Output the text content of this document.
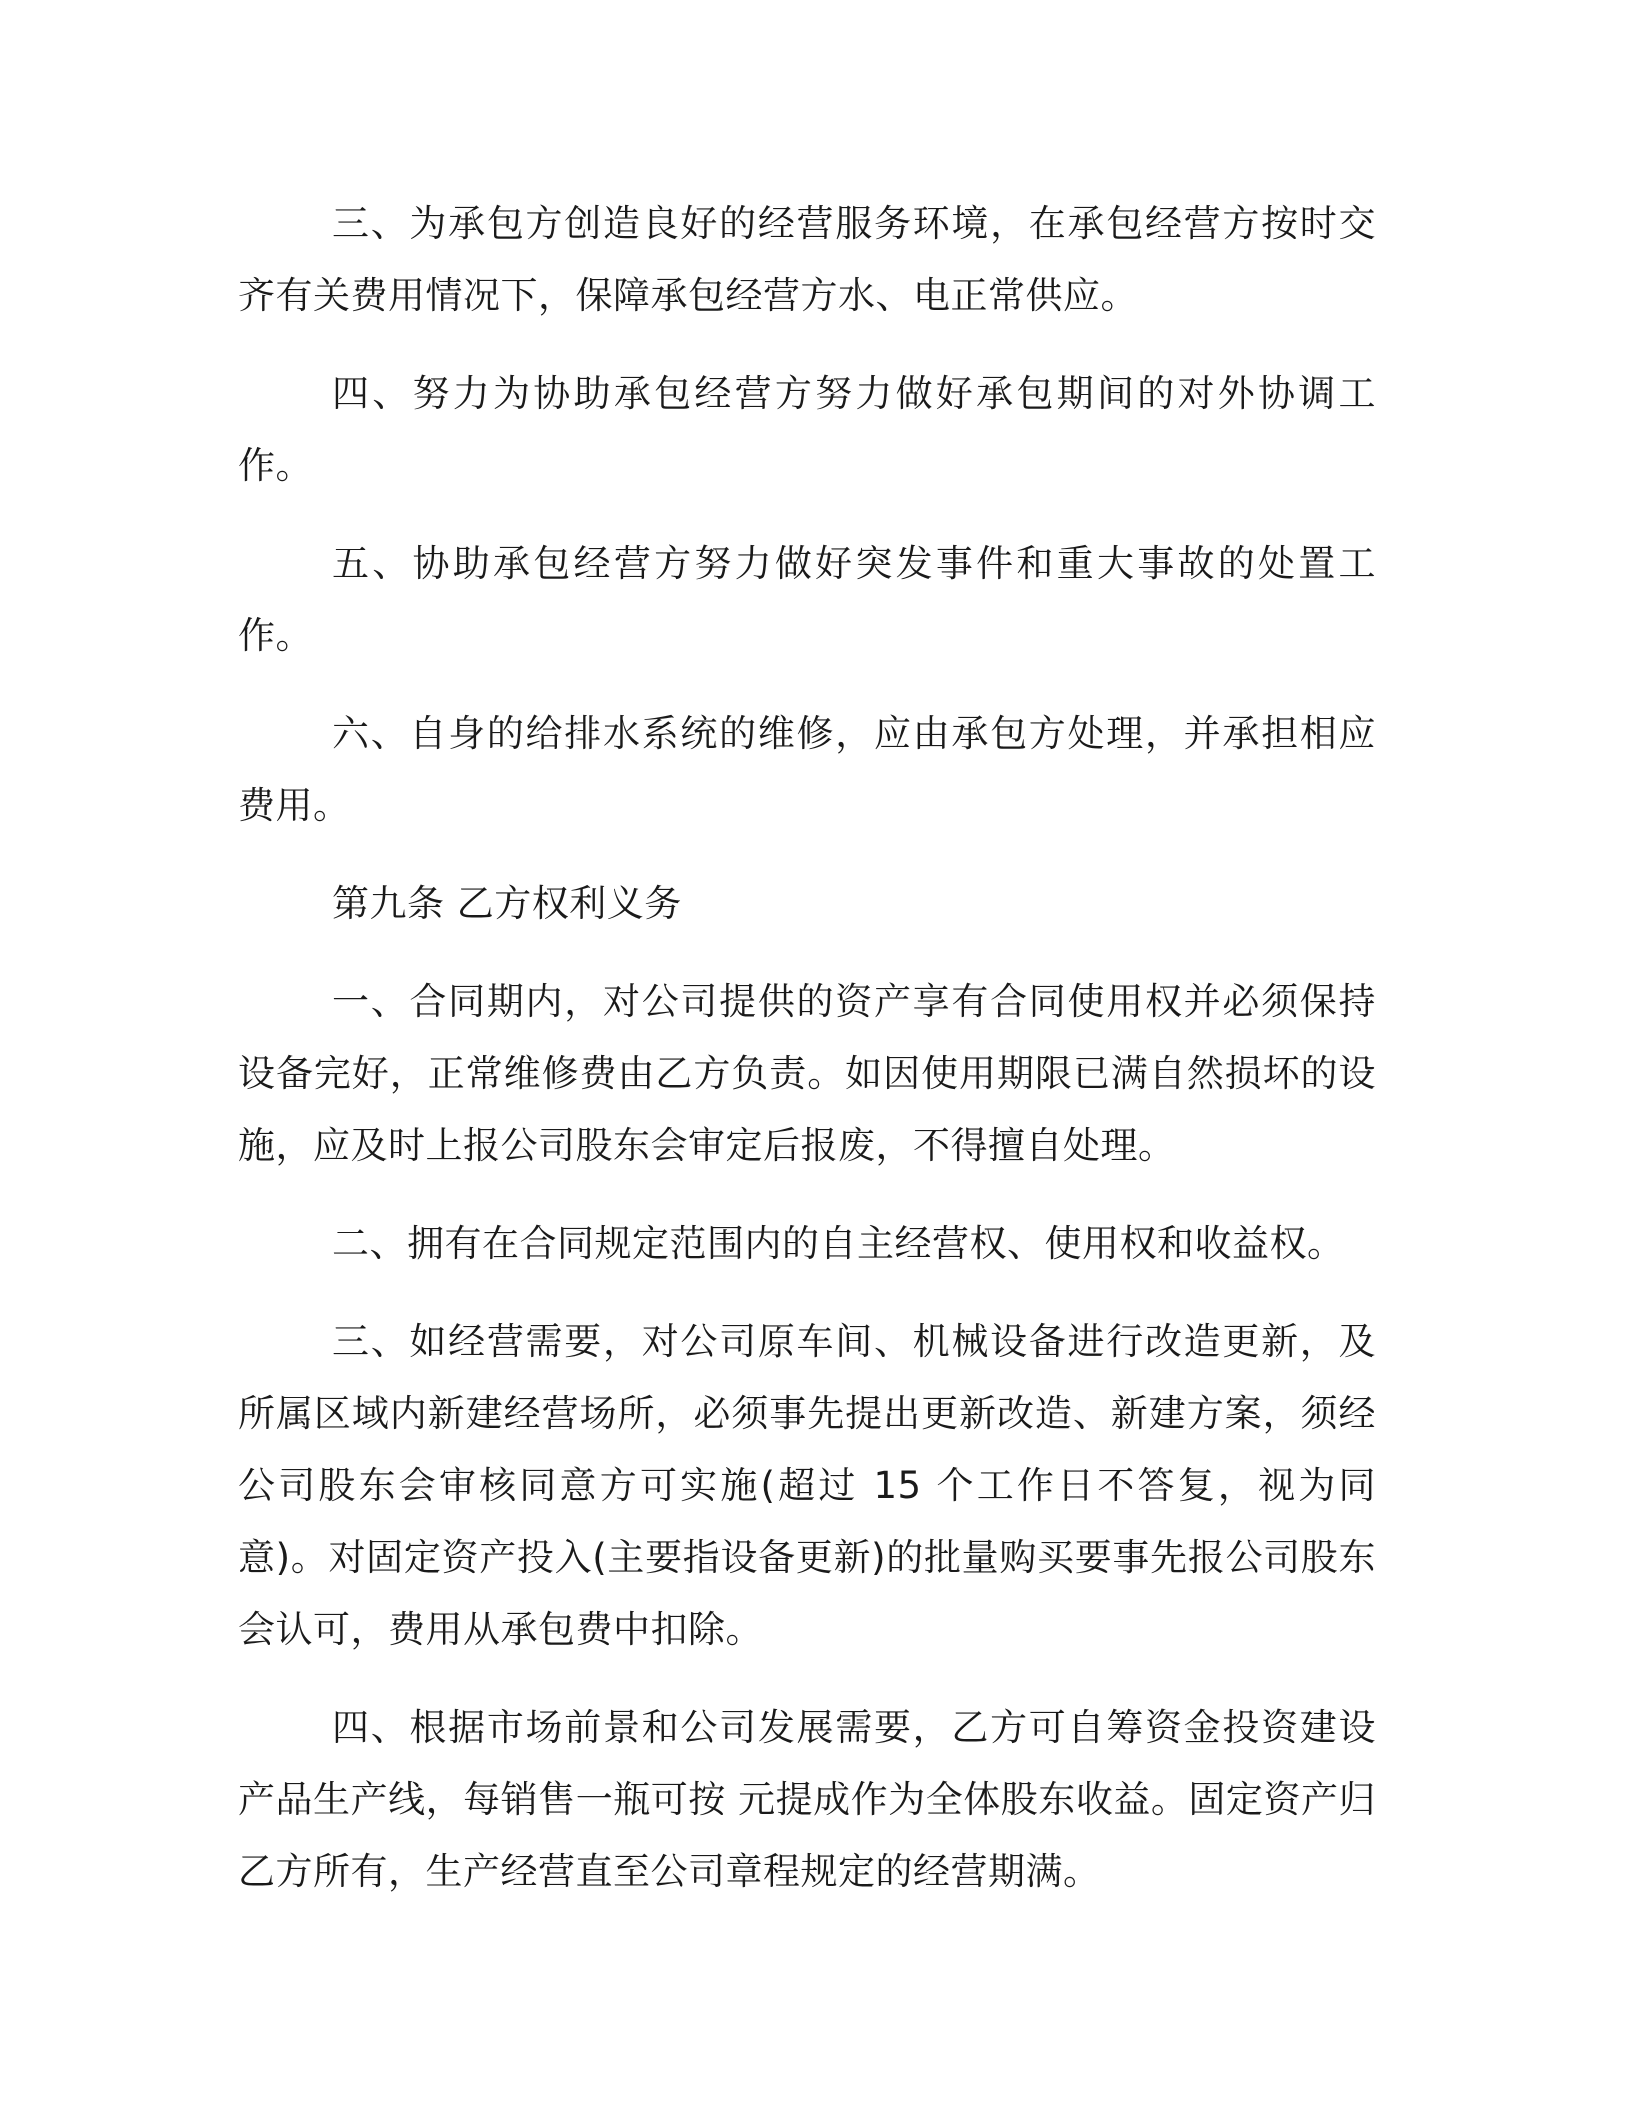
三、为承包方创造良好的经营服务环境，在承包经营方按时交齐有关费用情况下，保障承包经营方水、电正常供应。

四、努力为协助承包经营方努力做好承包期间的对外协调工作。

五、协助承包经营方努力做好突发事件和重大事故的处置工作。

六、自身的给排水系统的维修，应由承包方处理，并承担相应费用。

第九条 乙方权利义务

一、合同期内，对公司提供的资产享有合同使用权并必须保持设备完好，正常维修费由乙方负责。如因使用期限已满自然损坏的设施，应及时上报公司股东会审定后报废，不得擅自处理。

二、拥有在合同规定范围内的自主经营权、使用权和收益权。

三、如经营需要，对公司原车间、机械设备进行改造更新，及所属区域内新建经营场所，必须事先提出更新改造、新建方案，须经公司股东会审核同意方可实施(超过 15 个工作日不答复，视为同意)。对固定资产投入(主要指设备更新)的批量购买要事先报公司股东会认可，费用从承包费中扣除。

四、根据市场前景和公司发展需要，乙方可自筹资金投资建设产品生产线，每销售一瓶可按 元提成作为全体股东收益。固定资产归乙方所有，生产经营直至公司章程规定的经营期满。
